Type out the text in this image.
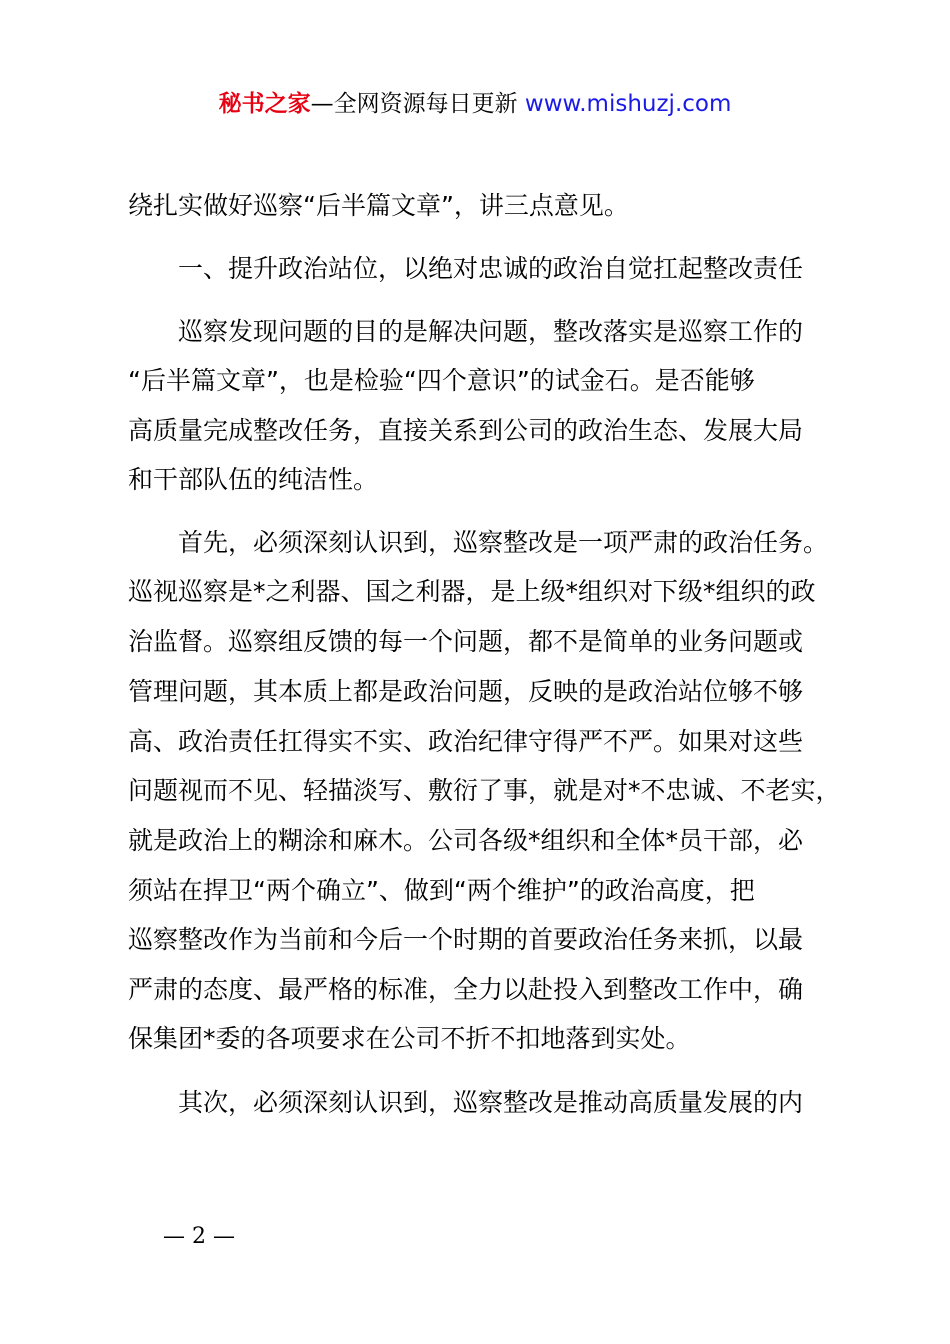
秘书之家—全网资源每日更新 www.mishuzj.com
绕扎实做好巡察“后半篇文章”，讲三点意见。
一、提升政治站位，以绝对忠诚的政治自觉扛起整改责任
巡察发现问题的目的是解决问题，整改落实是巡察工作的
“后半篇文章”，也是检验“四个意识”的试金石。是否能够
高质量完成整改任务，直接关系到公司的政治生态、发展大局
和干部队伍的纯洁性。
首先，必须深刻认识到，巡察整改是一项严肃的政治任务。
巡视巡察是*之利器、国之利器，是上级*组织对下级*组织的政
治监督。巡察组反馈的每一个问题，都不是简单的业务问题或
管理问题，其本质上都是政治问题，反映的是政治站位够不够
高、政治责任扛得实不实、政治纪律守得严不严。如果对这些
问题视而不见、轻描淡写、敷衍了事，就是对*不忠诚、不老实，
就是政治上的糊涂和麻木。公司各级*组织和全体*员干部，必
须站在捍卫“两个确立”、做到“两个维护”的政治高度，把
巡察整改作为当前和今后一个时期的首要政治任务来抓，以最
严肃的态度、最严格的标准，全力以赴投入到整改工作中，确
保集团*委的各项要求在公司不折不扣地落到实处。
其次，必须深刻认识到，巡察整改是推动高质量发展的内
— 2 —
